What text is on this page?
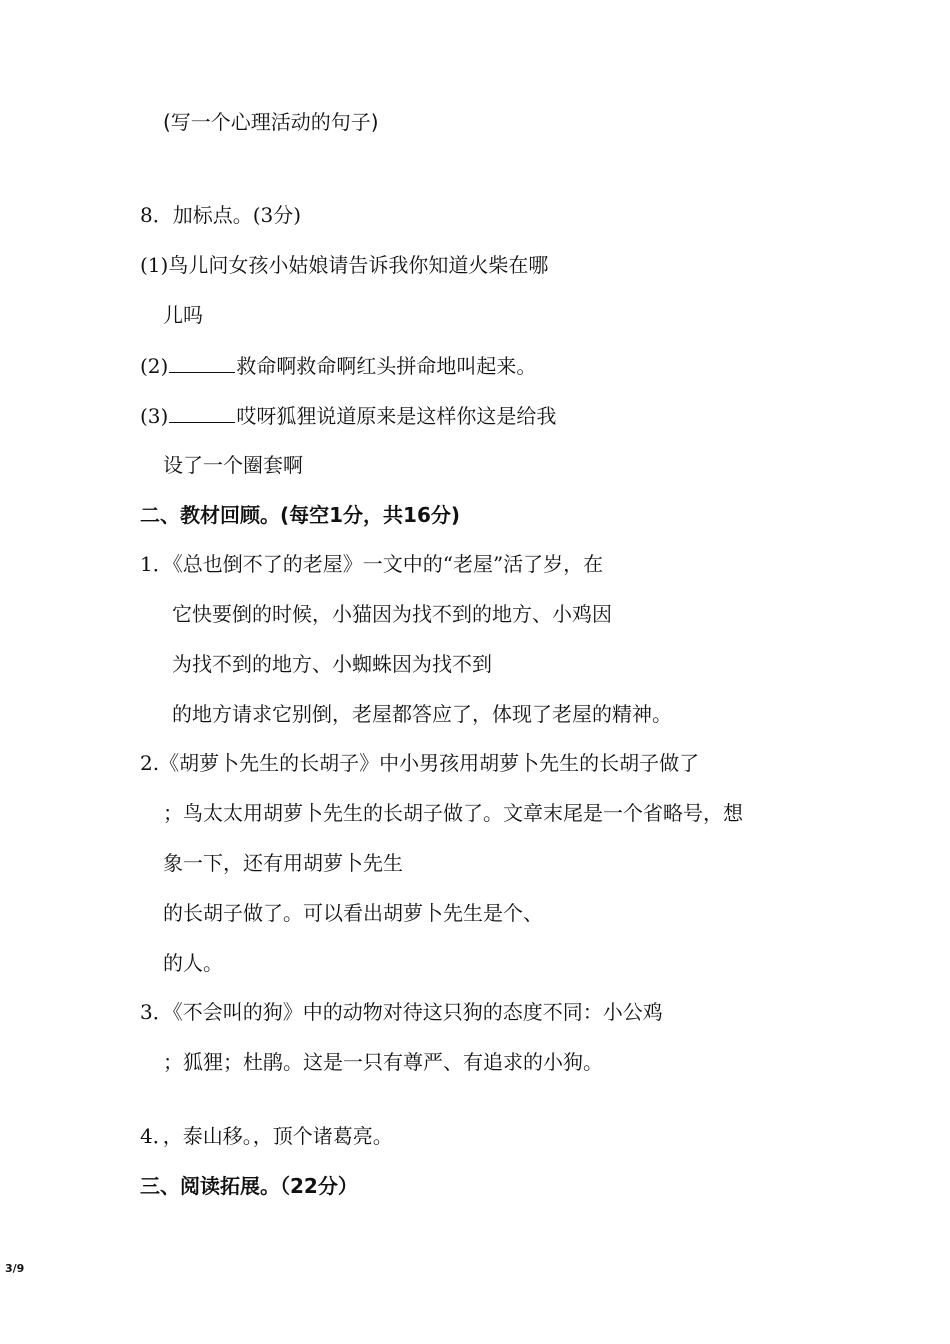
(写一个心理活动的句子)
8．加标点。(3分)
(1)鸟儿问女孩小姑娘请告诉我你知道火柴在哪
儿吗
(2)	救命啊救命啊红头拼命地叫起来。
(3)	哎呀狐狸说道原来是这样你这是给我
设了一个圈套啊
二、教材回顾。(每空1分，共16分)
1．《总也倒不了的老屋》一文中的“老屋”活了岁，在
它快要倒的时候，小猫因为找不到的地方、小鸡因
为找不到的地方、小蜘蛛因为找不到
的地方请求它别倒，老屋都答应了，体现了老屋的精神。
2.《胡萝卜先生的长胡子》中小男孩用胡萝卜先生的长胡子做了
；鸟太太用胡萝卜先生的长胡子做了。文章末尾是一个省略号，想
象一下，还有用胡萝卜先生
的长胡子做了。可以看出胡萝卜先生是个、
的人。
3．《不会叫的狗》中的动物对待这只狗的态度不同：小公鸡
；狐狸；杜鹃。这是一只有尊严、有追求的小狗。
4．，泰山移。，顶个诸葛亮。
三、阅读拓展。（22分）
3/9
